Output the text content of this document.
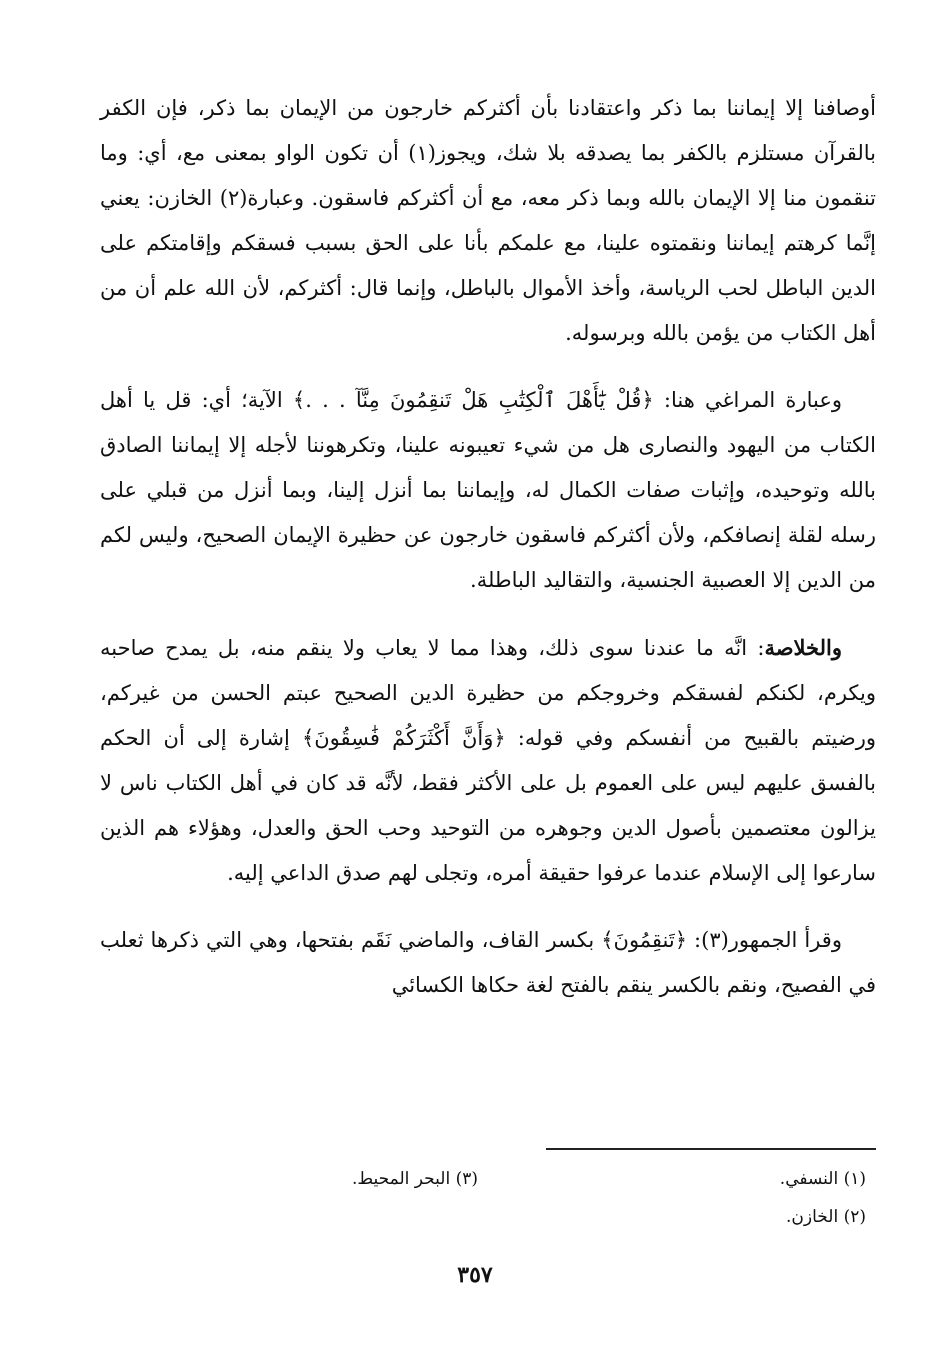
أوصافنا إلا إيماننا بما ذكر واعتقادنا بأن أكثركم خارجون من الإيمان بما ذكر، فإن الكفر بالقرآن مستلزم بالكفر بما يصدقه بلا شك، ويجوز(١) أن تكون الواو بمعنى مع، أي: وما تنقمون منا إلا الإيمان بالله وبما ذكر معه، مع أن أكثركم فاسقون. وعبارة(٢) الخازن: يعني إنَّما كرهتم إيماننا ونقمتوه علينا، مع علمكم بأنا على الحق بسبب فسقكم وإقامتكم على الدين الباطل لحب الرياسة، وأخذ الأموال بالباطل، وإنما قال: أكثركم، لأن الله علم أن من أهل الكتاب من يؤمن بالله وبرسوله.

وعبارة المراغي هنا: ﴿قُلْ يَٰٓأَهْلَ ٱلْكِتَٰبِ هَلْ تَنقِمُونَ مِنَّآ . . .﴾ الآية؛ أي: قل يا أهل الكتاب من اليهود والنصارى هل من شيء تعيبونه علينا، وتكرهوننا لأجله إلا إيماننا الصادق بالله وتوحيده، وإثبات صفات الكمال له، وإيماننا بما أنزل إلينا، وبما أنزل من قبلي على رسله لقلة إنصافكم، ولأن أكثركم فاسقون خارجون عن حظيرة الإيمان الصحيح، وليس لكم من الدين إلا العصبية الجنسية، والتقاليد الباطلة.

والخلاصة: انَّه ما عندنا سوى ذلك، وهذا مما لا يعاب ولا ينقم منه، بل يمدح صاحبه ويكرم، لكنكم لفسقكم وخروجكم من حظيرة الدين الصحيح عبتم الحسن من غيركم، ورضيتم بالقبيح من أنفسكم وفي قوله: ﴿وَأَنَّ أَكْثَرَكُمْ فَٰسِقُونَ﴾ إشارة إلى أن الحكم بالفسق عليهم ليس على العموم بل على الأكثر فقط، لأنَّه قد كان في أهل الكتاب ناس لا يزالون معتصمين بأصول الدين وجوهره من التوحيد وحب الحق والعدل، وهؤلاء هم الذين سارعوا إلى الإسلام عندما عرفوا حقيقة أمره، وتجلى لهم صدق الداعي إليه.

وقرأ الجمهور(٣): ﴿تَنقِمُونَ﴾ بكسر القاف، والماضي نَقَم بفتحها، وهي التي ذكرها ثعلب في الفصيح، ونقم بالكسر ينقم بالفتح لغة حكاها الكسائي

(١) النسفي.
(٣) البحر المحيط.
(٢) الخازن.
٣٥٧
